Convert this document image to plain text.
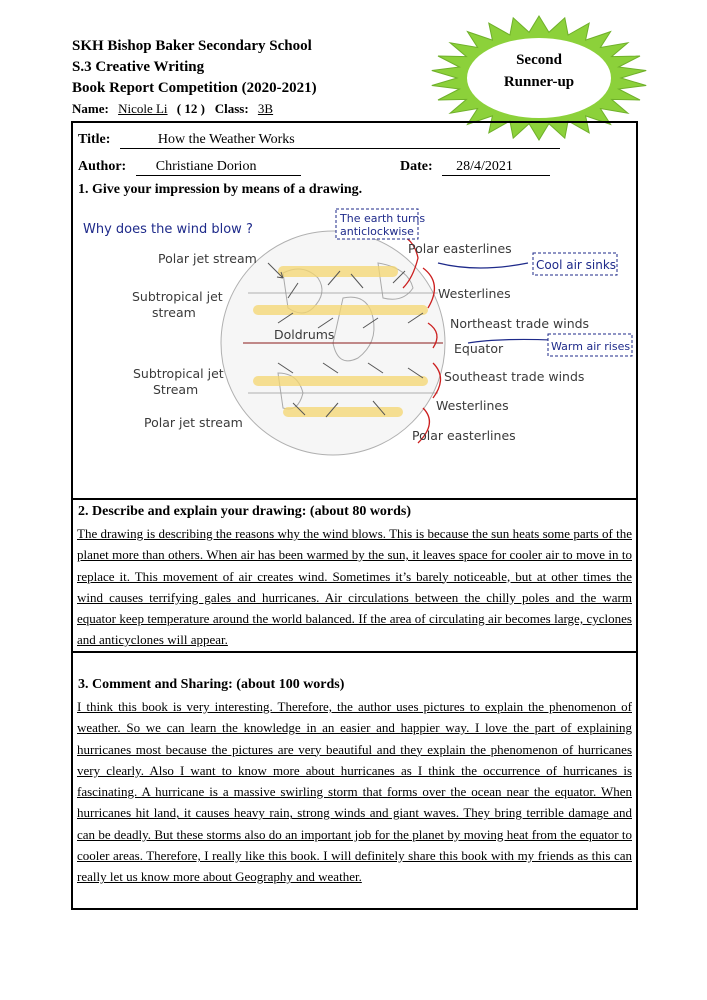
SKH Bishop Baker Secondary School
S.3 Creative Writing
Book Report Competition (2020-2021)
Name: Nicole Li ( 12 ) Class: 3B
Second
Runner-up
Title:	How the Weather Works
Author: Christiane Dorion	Date: 28/4/2021
1. Give your impression by means of a drawing.
Why does the wind blow ?
The earth turns
anticlockwise
Polar easterlines
Cool air sinks
Westerlines
Northeast trade winds
Equator	Warm air rises
Southeast trade winds
Westerlines
Polar easterlines
Polar jet stream
Subtropical jet
stream
Doldrums
Subtropical jet
Stream
Polar jet stream
2. Describe and explain your drawing: (about 80 words)
The drawing is describing the reasons why the wind blows. This is because the sun heats some parts of the planet more than others. When air has been warmed by the sun, it leaves space for cooler air to move in to replace it. This movement of air creates wind. Sometimes it’s barely noticeable, but at other times the wind causes terrifying gales and hurricanes. Air circulations between the chilly poles and the warm equator keep temperature around the world balanced. If the area of circulating air becomes large, cyclones and anticyclones will appear.
3. Comment and Sharing: (about 100 words)
I think this book is very interesting. Therefore, the author uses pictures to explain the phenomenon of weather. So we can learn the knowledge in an easier and happier way. I love the part of explaining hurricanes most because the pictures are very beautiful and they explain the phenomenon of hurricanes very clearly. Also I want to know more about hurricanes as I think the occurrence of hurricanes is fascinating. A hurricane is a massive swirling storm that forms over the ocean near the equator. When hurricanes hit land, it causes heavy rain, strong winds and giant waves. They bring terrible damage and can be deadly. But these storms also do an important job for the planet by moving heat from the equator to cooler areas. Therefore, I really like this book. I will definitely share this book with my friends as this can really let us know more about Geography and weather.
